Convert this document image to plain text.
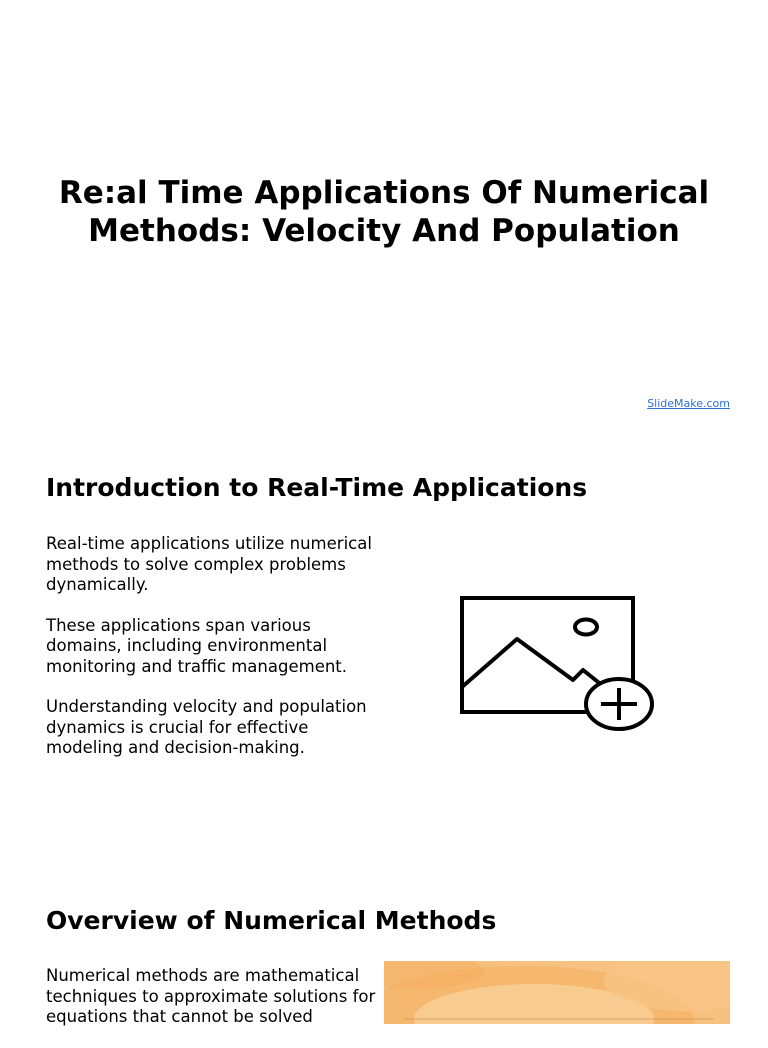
Re:al Time Applications Of Numerical Methods: Velocity And Population
SlideMake.com
Introduction to Real-Time Applications

Real-time applications utilize numerical methods to solve complex problems dynamically.

These applications span various domains, including environmental monitoring and traffic management.

Understanding velocity and population dynamics is crucial for effective modeling and decision-making.

Overview of Numerical Methods

Numerical methods are mathematical techniques to approximate solutions for equations that cannot be solved
